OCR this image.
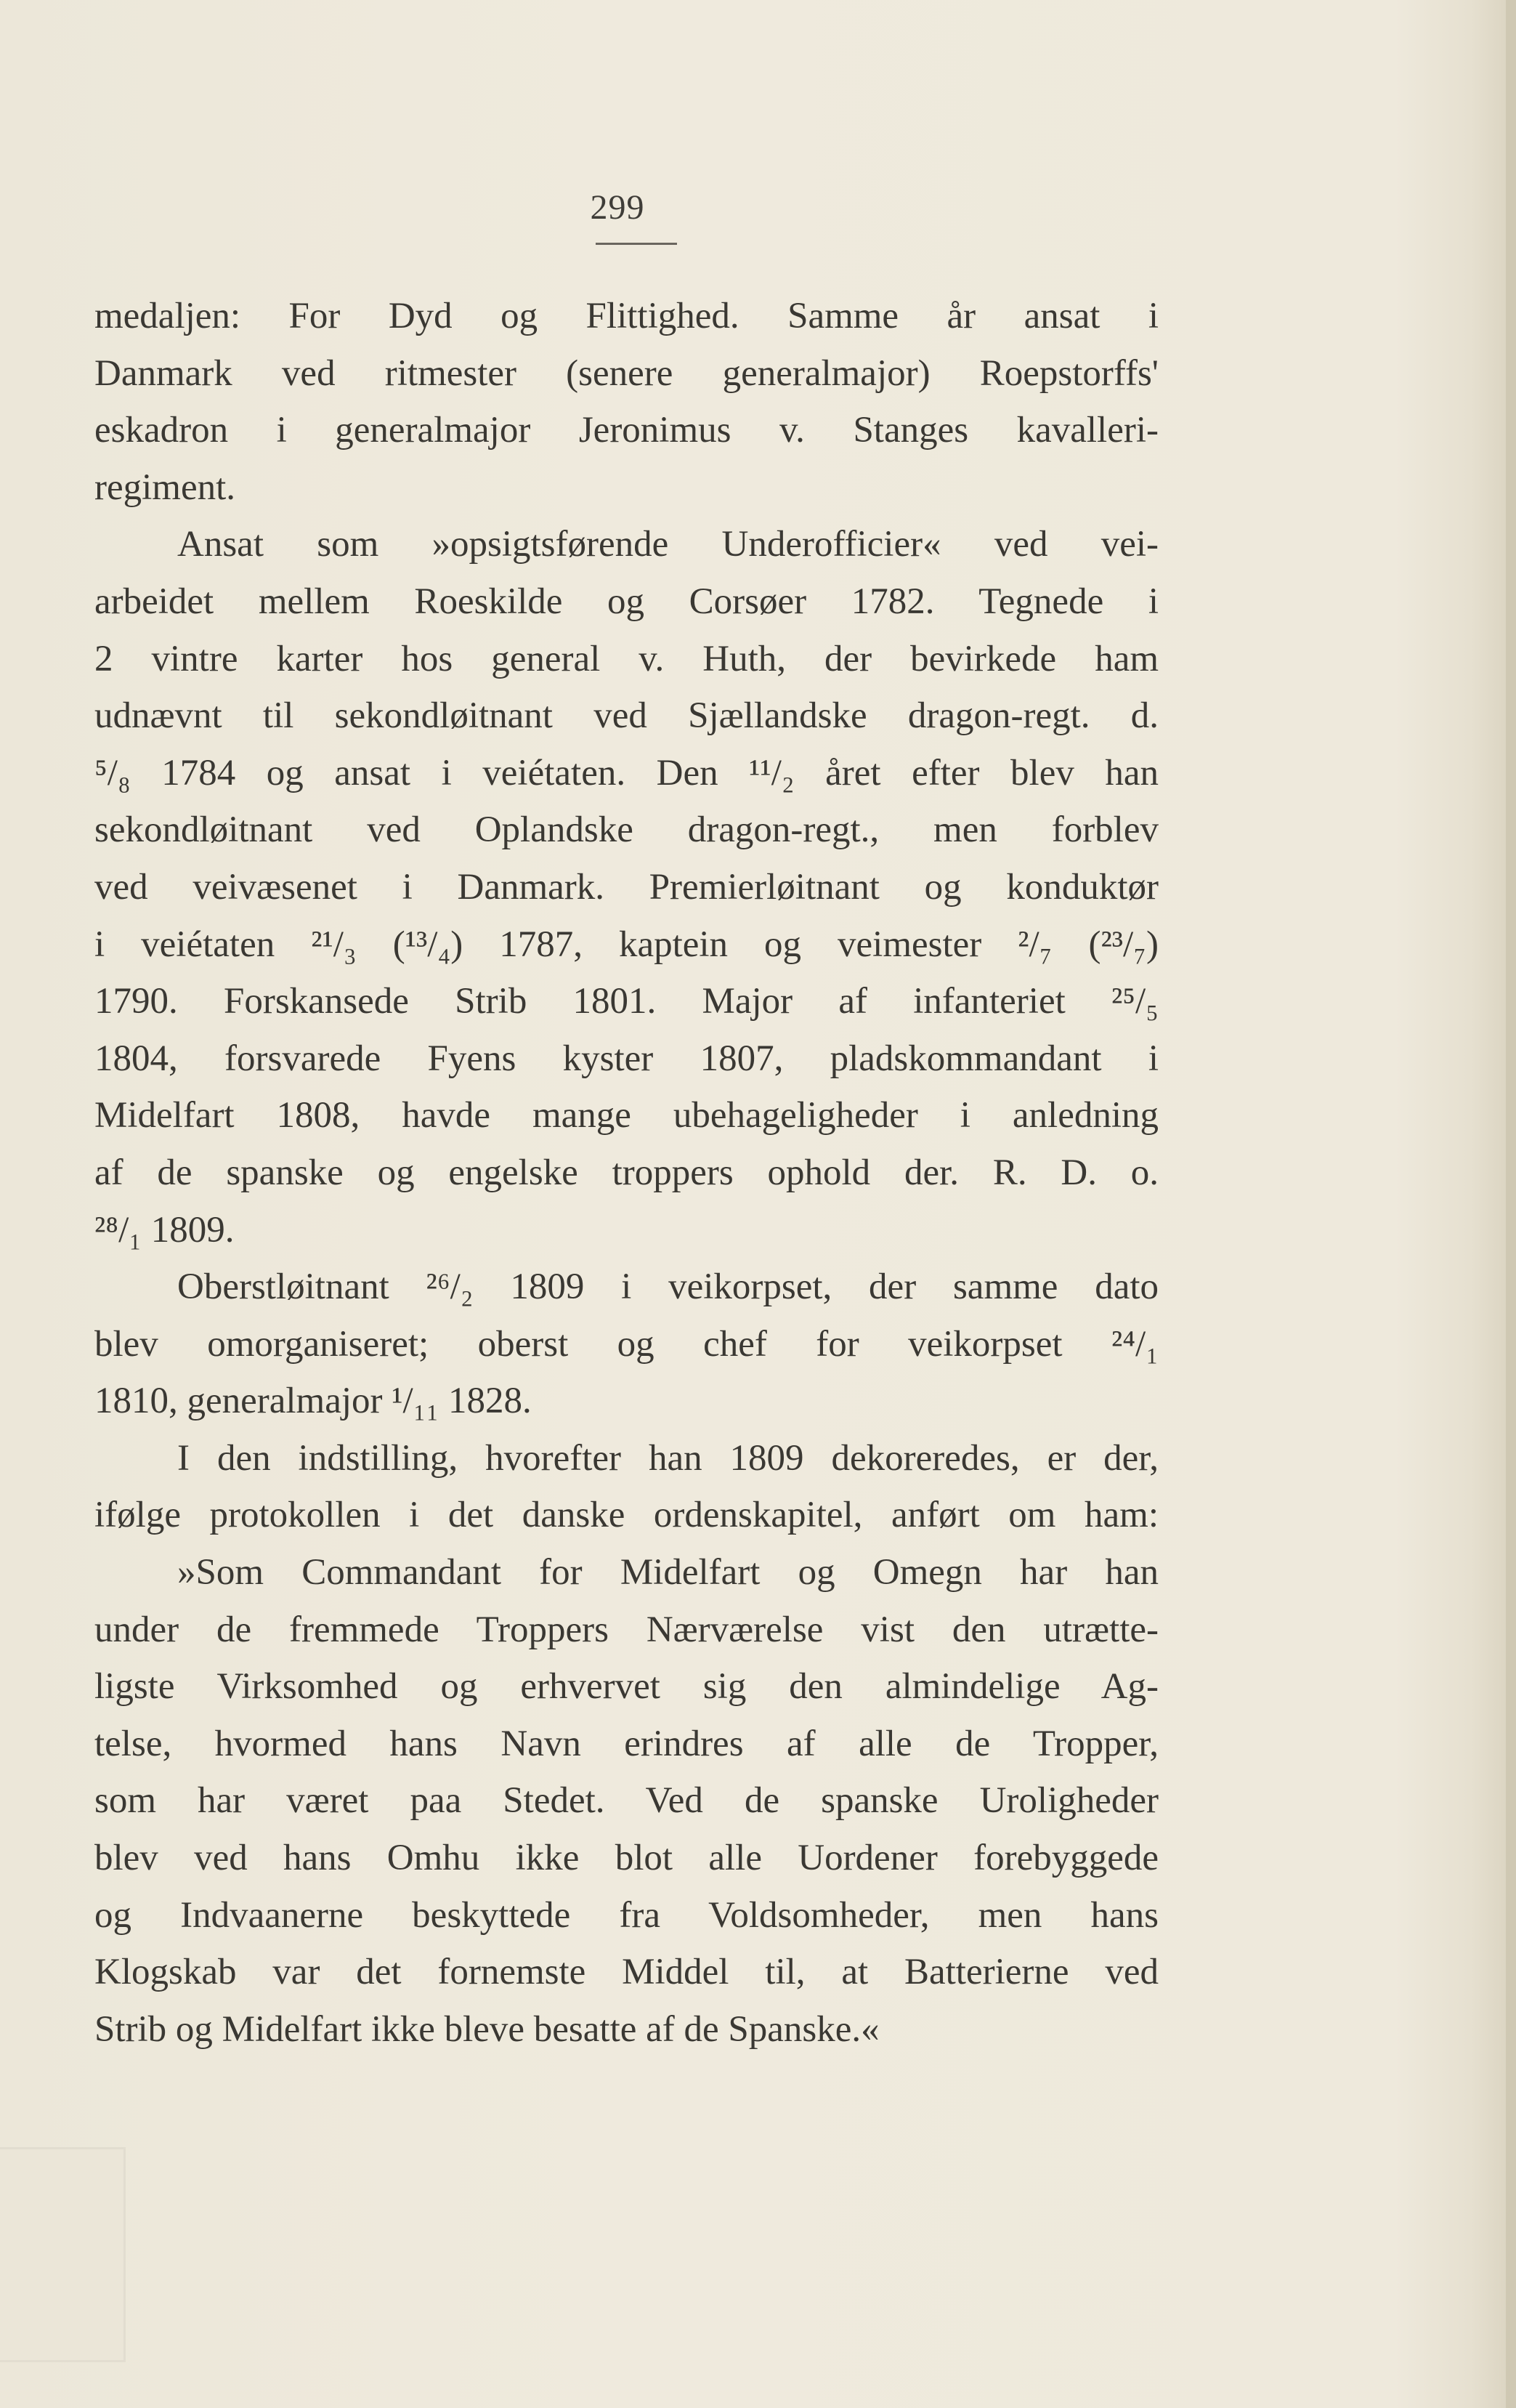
299
medaljen: For Dyd og Flittighed. Samme år ansat i
Danmark ved ritmester (senere generalmajor) Roepstorffs'
eskadron i generalmajor Jeronimus v. Stanges kavalleri-
regiment.
Ansat som »opsigtsførende Underofficier« ved vei-
arbeidet mellem Roeskilde og Corsøer 1782. Tegnede i
2 vintre karter hos general v. Huth, der bevirkede ham
udnævnt til sekondløitnant ved Sjællandske dragon-regt. d.
⁵/₈ 1784 og ansat i veiétaten. Den ¹¹/₂ året efter blev han
sekondløitnant ved Oplandske dragon-regt., men forblev
ved veivæsenet i Danmark. Premierløitnant og konduktør
i veiétaten ²¹/₃ (¹³/₄) 1787, kaptein og veimester ²/₇ (²³/₇)
1790. Forskansede Strib 1801. Major af infanteriet ²⁵/₅
1804, forsvarede Fyens kyster 1807, pladskommandant i
Midelfart 1808, havde mange ubehageligheder i anledning
af de spanske og engelske troppers ophold der. R. D. o.
²⁸/₁ 1809.
Oberstløitnant ²⁶/₂ 1809 i veikorpset, der samme dato
blev omorganiseret; oberst og chef for veikorpset ²⁴/₁
1810, generalmajor ¹/₁₁ 1828.
I den indstilling, hvorefter han 1809 dekoreredes, er der,
ifølge protokollen i det danske ordenskapitel, anført om ham:
»Som Commandant for Midelfart og Omegn har han
under de fremmede Troppers Nærværelse vist den utrætte-
ligste Virksomhed og erhvervet sig den almindelige Ag-
telse, hvormed hans Navn erindres af alle de Tropper,
som har været paa Stedet. Ved de spanske Uroligheder
blev ved hans Omhu ikke blot alle Uordener forebyggede
og Indvaanerne beskyttede fra Voldsomheder, men hans
Klogskab var det fornemste Middel til, at Batterierne ved
Strib og Midelfart ikke bleve besatte af de Spanske.«
